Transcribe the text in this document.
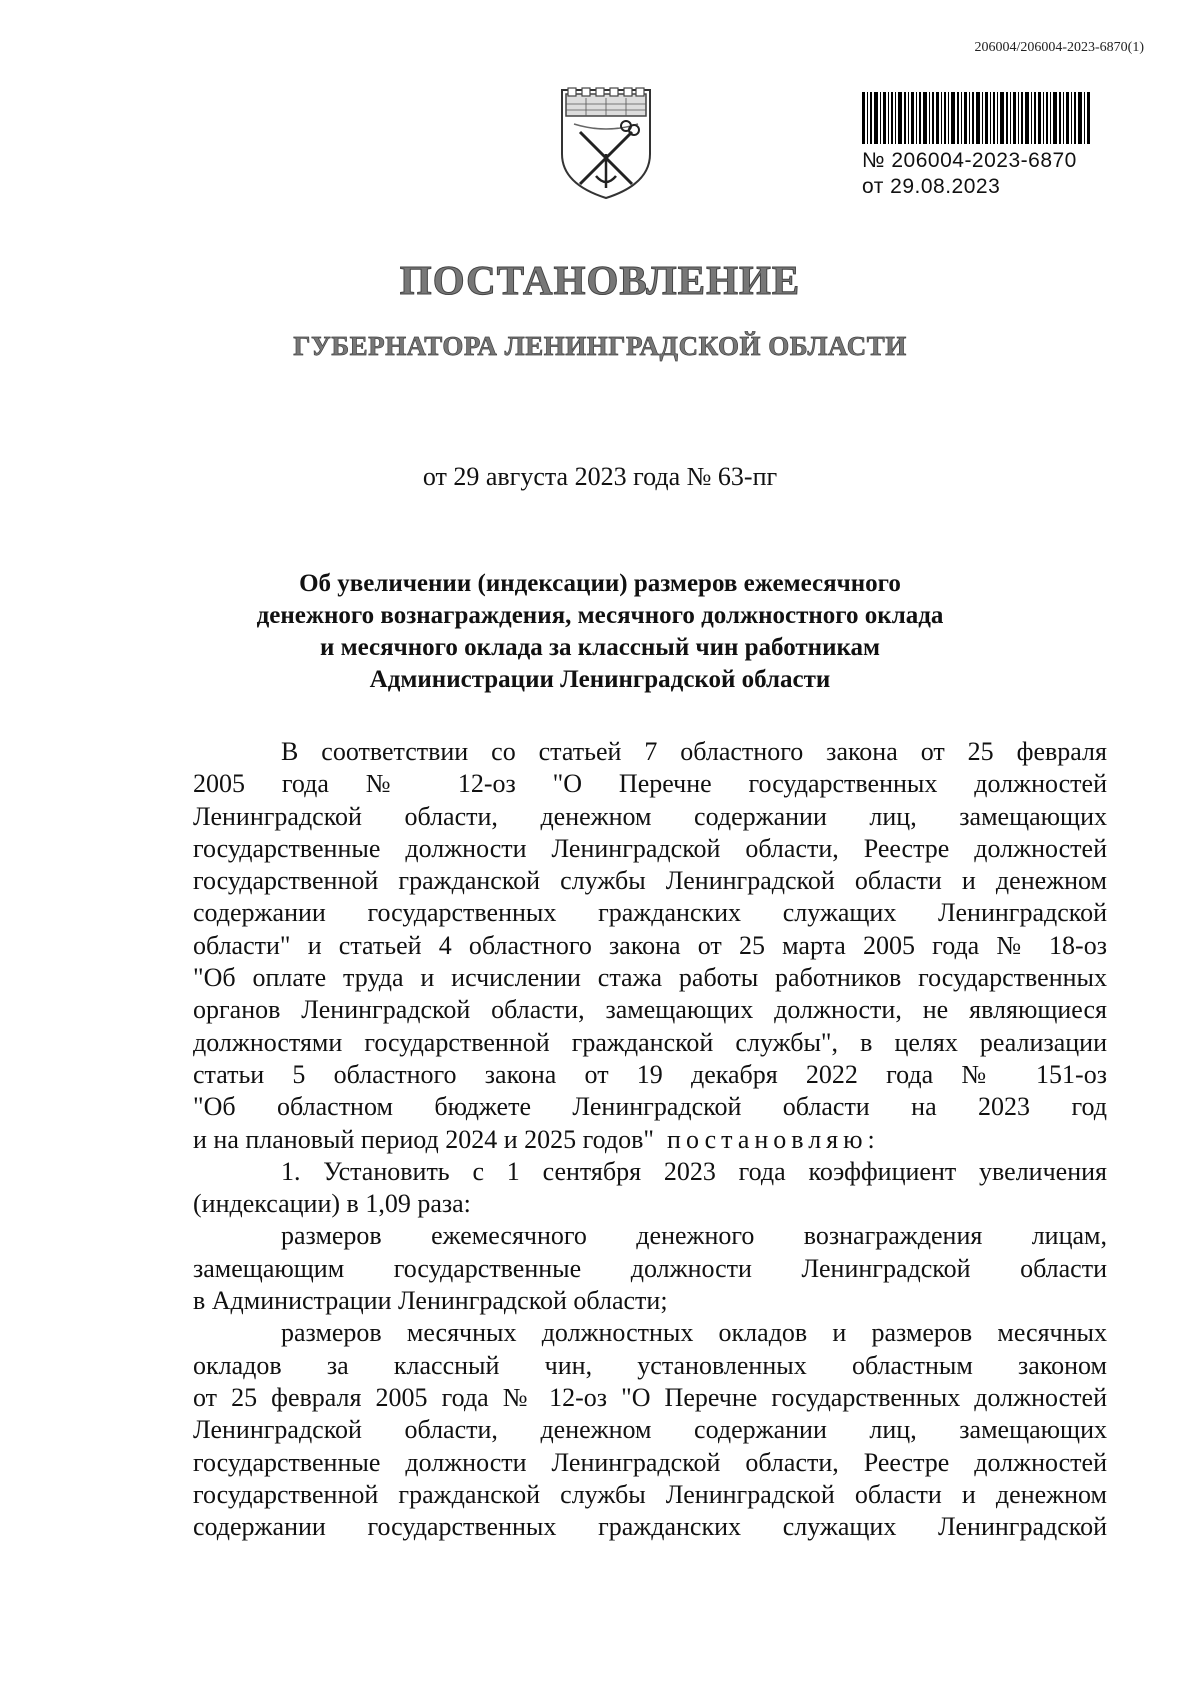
206004/206004-2023-6870(1)
№ 206004-2023-6870
от 29.08.2023
ПОСТАНОВЛЕНИЕ
ГУБЕРНАТОРА ЛЕНИНГРАДСКОЙ ОБЛАСТИ
от 29 августа 2023 года № 63-пг
Об увеличении (индексации) размеров ежемесячного
денежного вознаграждения, месячного должностного оклада
и месячного оклада за классный чин работникам
Администрации Ленинградской области

В соответствии со статьей 7 областного закона от 25 февраля

2005 года № 12-оз "О Перечне государственных должностей

Ленинградской области, денежном содержании лиц, замещающих

государственные должности Ленинградской области, Реестре должностей

государственной гражданской службы Ленинградской области и денежном

содержании государственных гражданских служащих Ленинградской

области" и статьей 4 областного закона от 25 марта 2005 года № 18-оз

"Об оплате труда и исчислении стажа работы работников государственных

органов Ленинградской области, замещающих должности, не являющиеся

должностями государственной гражданской службы", в целях реализации

статьи 5 областного закона от 19 декабря 2022 года № 151-оз

"Об областном бюджете Ленинградской области на 2023 год

и на плановый период 2024 и 2025 годов" постановляю:

1. Установить с 1 сентября 2023 года коэффициент увеличения

(индексации) в 1,09 раза:

размеров ежемесячного денежного вознаграждения лицам,

замещающим государственные должности Ленинградской области

в Администрации Ленинградской области;

размеров месячных должностных окладов и размеров месячных

окладов за классный чин, установленных областным законом

от 25 февраля 2005 года № 12-оз "О Перечне государственных должностей

Ленинградской области, денежном содержании лиц, замещающих

государственные должности Ленинградской области, Реестре должностей

государственной гражданской службы Ленинградской области и денежном

содержании государственных гражданских служащих Ленинградской
